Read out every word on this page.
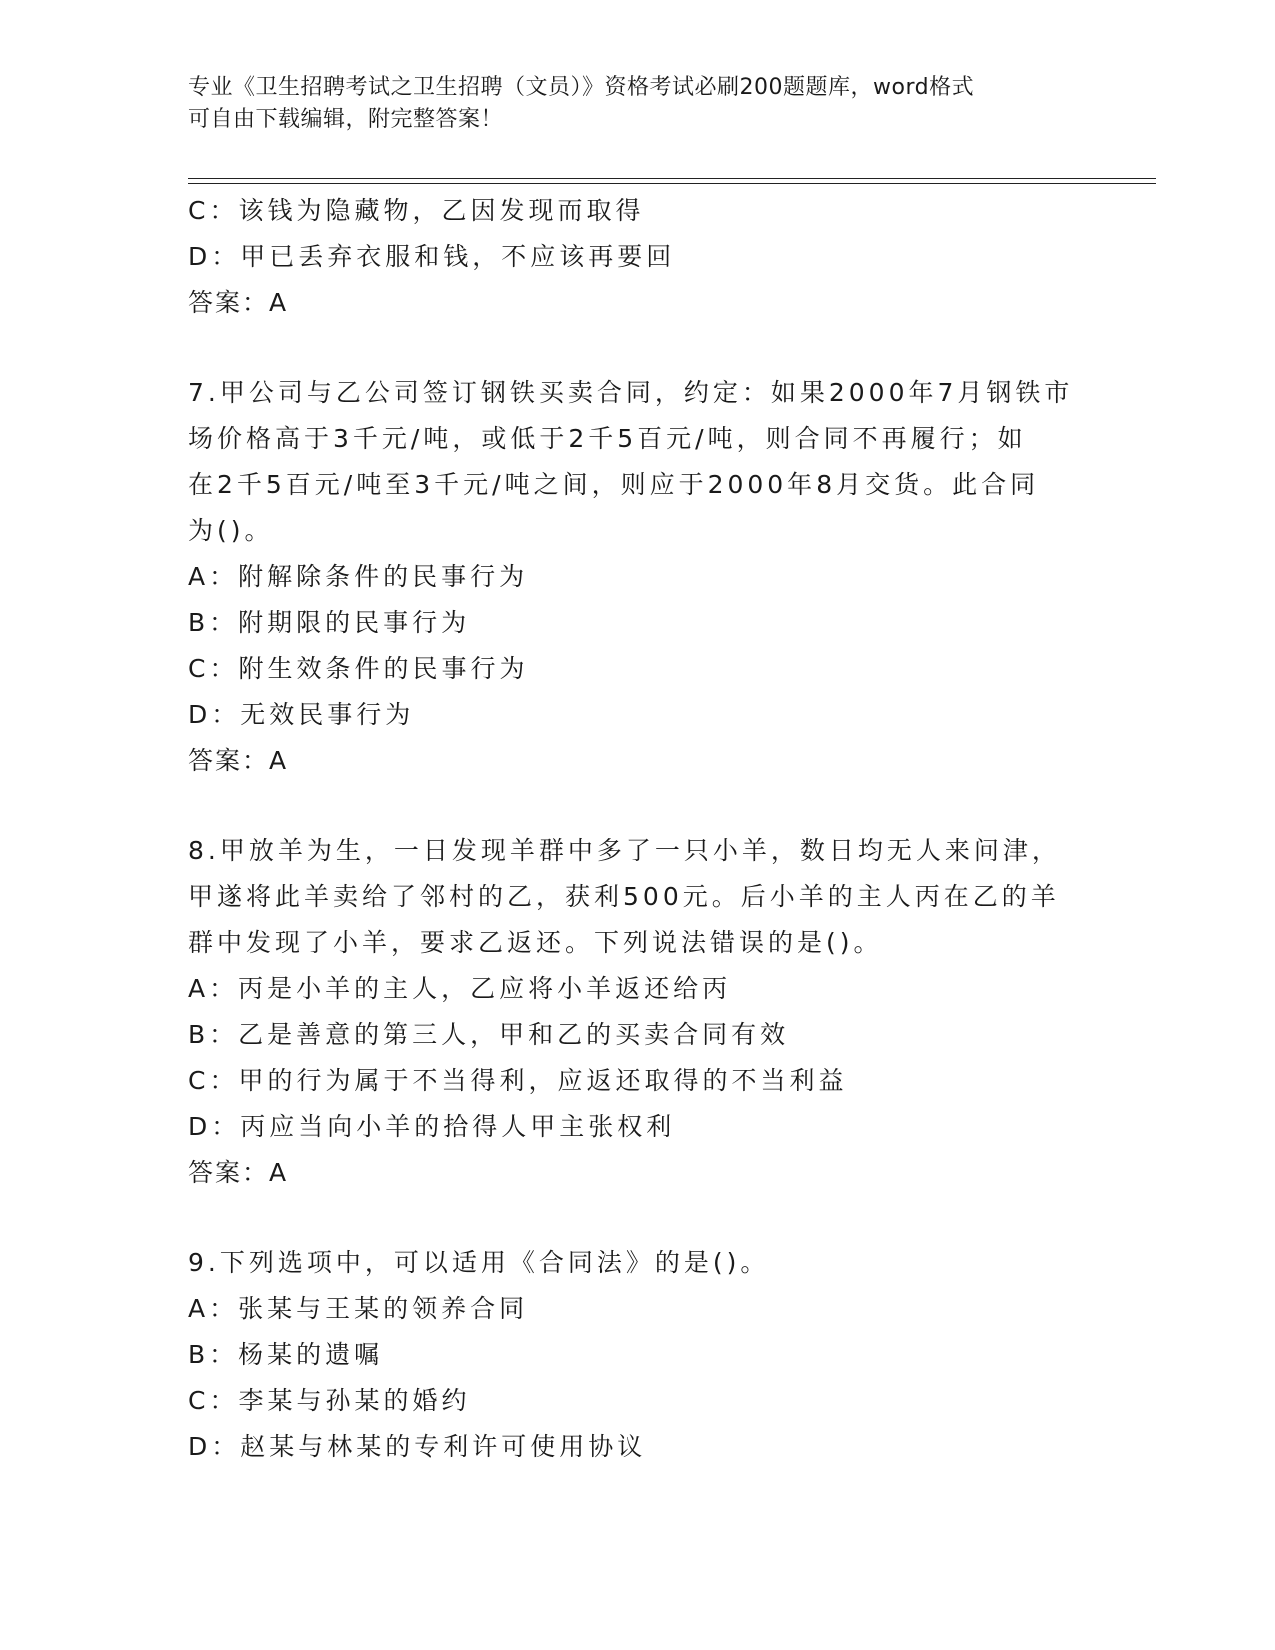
专业《卫生招聘考试之卫生招聘（文员）》资格考试必刷200题题库，word格式
可自由下载编辑，附完整答案！
C：该钱为隐藏物，乙因发现而取得
D：甲已丢弃衣服和钱，不应该再要回
答案：A
7.甲公司与乙公司签订钢铁买卖合同，约定：如果2000年7月钢铁市
场价格高于3千元/吨，或低于2千5百元/吨，则合同不再履行；如
在2千5百元/吨至3千元/吨之间，则应于2000年8月交货。此合同
为()。
A：附解除条件的民事行为
B：附期限的民事行为
C：附生效条件的民事行为
D：无效民事行为
答案：A
8.甲放羊为生，一日发现羊群中多了一只小羊，数日均无人来问津，
甲遂将此羊卖给了邻村的乙，获利500元。后小羊的主人丙在乙的羊
群中发现了小羊，要求乙返还。下列说法错误的是()。
A：丙是小羊的主人，乙应将小羊返还给丙
B：乙是善意的第三人，甲和乙的买卖合同有效
C：甲的行为属于不当得利，应返还取得的不当利益
D：丙应当向小羊的拾得人甲主张权利
答案：A
9.下列选项中，可以适用《合同法》的是()。
A：张某与王某的领养合同
B：杨某的遗嘱
C：李某与孙某的婚约
D：赵某与林某的专利许可使用协议
